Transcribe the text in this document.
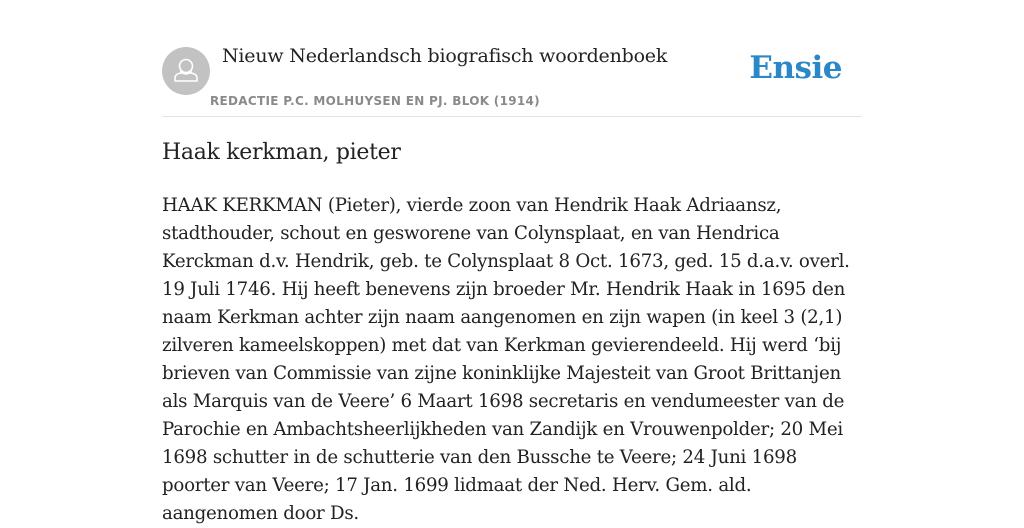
Nieuw Nederlandsch biografisch woordenboek
REDACTIE P.C. MOLHUYSEN EN PJ. BLOK (1914)
Ensie
Haak kerkman, pieter

HAAK KERKMAN (Pieter), vierde zoon van Hendrik Haak Adriaansz, stadthouder, schout en gesworene van Colynsplaat, en van Hendrica Kerckman d.v. Hendrik, geb. te Colynsplaat 8 Oct. 1673, ged. 15 d.a.v. overl. 19 Juli 1746. Hij heeft benevens zijn broeder Mr. Hendrik Haak in 1695 den naam Kerkman achter zijn naam aangenomen en zijn wapen (in keel 3 (2,1) zilveren kameelskoppen) met dat van Kerkman gevierendeeld. Hij werd ‘bij brieven van Commissie van zijne koninklijke Majesteit van Groot Brittanjen als Marquis van de Veere’ 6 Maart 1698 secretaris en vendumeester van de Parochie en Ambachtsheerlijkheden van Zandijk en Vrouwenpolder; 20 Mei 1698 schutter in de schutterie van den Bussche te Veere; 24 Juni 1698 poorter van Veere; 17 Jan. 1699 lidmaat der Ned. Herv. Gem. ald. aangenomen door Ds.
